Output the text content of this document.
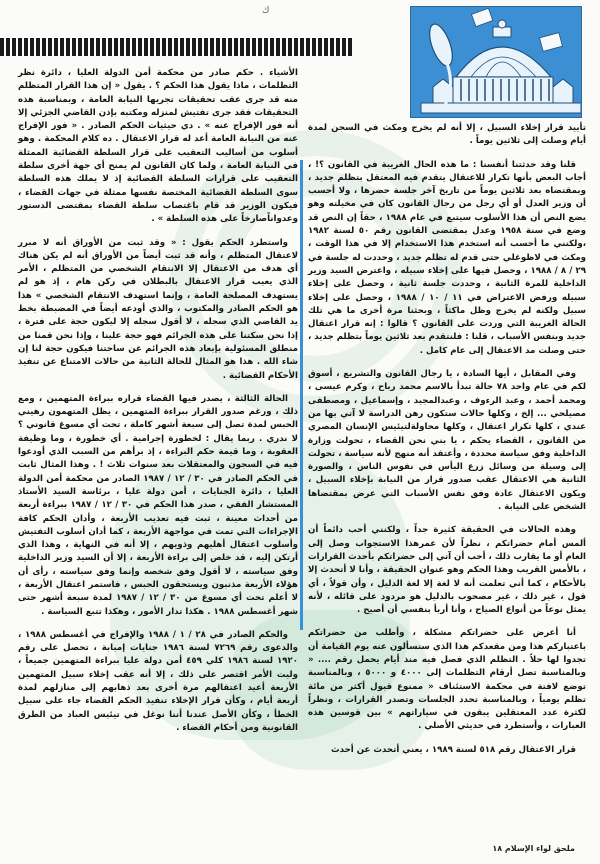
ﻙ

تأييد قرار إخلاء السبيل ، إلا أنه لم يخرج ومكث في السجن لمدة أيام وصلت إلى ثلاثين يوماً .

قلنا وقد حدثتنا أنفسنا : ما هذه الحال الغريبة في القانون ؟! ، أجاب البعض بأنها تكرار للاعتقال يتقدم فيه المعتقل بتظلم جديد ، وبمقتضاه بعد ثلاثين يوماً من تاريخ آخر جلسة حضرها ، ولا أحسب أن وزير العدل أو أي رجل من رجال القانون كان في مخيلته وهو يضع النص أن هذا الأسلوب سيتبع في عام ١٩٨٨ ، حقاً إن النص قد وضع في سنة ١٩٥٨ وعدل بمقتضى القانون رقم ٥٠ لسنة ١٩٨٢ ،ولكنني ما أحسب أنه استخدم هذا الاستخدام إلا في هذا الوقت ، ومكث في لاظوغلي حتى قدم له تظلم جديد ، وحددت له جلسة في ٢٩ / ٨ / ١٩٨٨ ، وحصل فيها على إخلاء سبيله ، واعترض السيد وزير الداخلية للمرة الثانية ، وحددت جلسة ثانية ، وحصل على إخلاء سبيله ورفض الاعتراض في ١١ / ١٠ / ١٩٨٨ ، وحصل على إخلاء سبيل ولكنه لم يخرج وظل ماكثاً ، وبحثنا مرة أخرى ما هي تلك الحالة الغريبة التي وردت على القانون ؟ قالوا : إنه قرار اعتقال جديد وبنفس الأسباب ، قلنا : فلنتقدم بعد ثلاثين يوماً بتظلم جديد ، حتى وصلت مد الاعتقال إلى عام كامل .

وفي المقابل ، أيها السادة ، يا رجال القانون والتشريع ، أسوق لكم في عام واحد ٧٨ حالة تبدأ بالاسم محمد رباح ، وكرم عيسى ، ومحمد أحمد ، وعبد الرءوف ، وعبدالمجيد ، وإسماعيل ، ومصطفى مصيلحي ... إلخ ، وكلها حالات ستكون رهن الدراسة لا آتي بها من عندي ، كلها تكرار اعتقال ، وكلها محاولةلتيئيس الإنسان المصري من القانون ، القضاء يحكم ، يا بني نحن القضاء ، تحولت وزارة الداخلية وفق سياسة محددة ، وأعتقد أنه منهج لأنه سياسة ، تحولت إلى وسيلة من وسائل زرع اليأس في نفوس الناس ، والصورة الثانية هي الاعتقال عقب صدور قرار من النيابة بإخلاء السبيل ، ويكون الاعتقال عادة وفق نفس الأسباب التي عرض بمقتضاها الشخص على النيابة .

وهذه الحالات في الحقيقة كثيرة جداً ، ولكنني أحب دائماً أن ألمس أمام حضراتكم ، نظراً لأن عمرهذا الاستجواب وصل إلى العام أو ما يقارب ذلك ، أحب أن آتي إلى حضراتكم بأحدث القرارات ، بالأمس القريب وهذا الحكم وهو عنوان الحقيقة ، وأنا لا أتحدث إلا بالأحكام ، كما أني تعلمت أنه لا لغة إلا لغة الدليل ، وأن قولاً ، أي قول ، غير ذلك ، غير مصحوب بالدليل هو مردود على قائله ، لأنه يمثل نوعاً من أنواع الصياح ، وأنا أربأ بنفسي أن أصيح .

أنا أعرض على حضراتكم مشكلة ، وأطلب من حضراتكم باعتباركم هذا ومن مقعدكم هذا الذي ستسألون عنه يوم القيامة أن تجدوا لها حلاً . التظلم الذي فصل فيه منذ أيام يحمل رقم .... « وبالمناسبة تصل أرقام التظلمات إلى ٤٠٠٠ و ٥٠٠٠ ، وبالمناسبة توضع لافتة في محكمة الاستئناف « ممنوع قبول أكثر من مائة تظلم يومياً ، وبالمناسبة تحدد الجلسات وتصدر القرارات ، ونظراً لكثرة عدد المعتقلين يبقون في سياراتهم » بين قوسين هذه العبارات ، وأستطرد في حديثي الأصلي .

قرار الاعتقال رقم ٥١٨ لسنة ١٩٨٩ ، يعني أتحدث عن أحدث

الأشياء . حكم صادر من محكمة أمن الدولة العليا ، دائرة نظر التظلمات ، ماذا يقول هذا الحكم ؟ . يقول « إن هذا القرار المتظلم منه قد جرى عقب تحقيقات تجريها النيابة العامة ، وبمناسبة هذه التحقيقات فقد جرى تفتيش لمنزله ومكتبه بإذن القاضي الجزئي إلا أنه فور الإفراج عنه » . دي حيثيات الحكم الصادر . « فور الإفراج عنه من النيابة العامة أعد له قرار الاعتقال . ده كلام المحكمة . وهو أسلوب من أساليب التعقيب على قرار السلطة القضائية الممثلة في النيابة العامة ، ولما كان القانون لم يمنح أي جهة أخرى سلطة التعقيب على قرارات السلطة القضائية إذ لا يملك هذه السلطة سوى السلطة القضائية المختصة نفسها ممثلة في جهات القضاء ، فيكون الوزير قد قام باغتصاب سلطة القضاء بمقتضى الدستور وعدواناًصارخاً على هذه السلطة » .

واستطرد الحكم يقول : « وقد ثبت من الأوراق أنه لا مبرر لاعتقال المتظلم ، وأنه قد ثبت أيضاً من الأوراق أنه لم يكن هناك أي هدف من الاعتقال إلا الانتقام الشخصي من المتظلم ، الأمر الذي يعيب قرار الاعتقال بالبطلان في ركن هام ، إذ هو لم يستهدف المصلحة العامة ، وإنما استهدف الانتقام الشخصي » هذا هو الحكم الصادر والمكتوب ، والذي أودعه أيضاً في المضبطة بخط يد القاضي الذي سجله ، لا أقول سجله إلا ليكون حجة على فترة ، إذا نحن سكتنا على هذه الجرائم فهو حجة علينا ، وإذا نحن قمنا من منطلق المسئولية بإبعاد هذه الجرائم عن ساحتنا فيكون حجة لنا إن شاء الله . هذا هو المثال للحالة الثانية من حالات الامتناع عن تنفيذ الأحكام القضائية .

الحالة الثالثة ، يصدر فيها القضاء قراره ببراءة المتهمين ، ومع ذلك ، ورغم صدور القرار ببراءة المتهمين ، يظل المتهمون رهيني الحبس لمدة تصل إلى سبعة أشهر كاملة ، تحت أي مسوغ قانوني ؟ لا ندري . ربما يقال : لخطورة إجرامية . أي خطورة ، وما وظيفة العقوبة ، وما قيمة حكم البراءة ، إذ برأهم من السبب الذي أودعوا فيه في السجون والمعتقلات بعد سنوات ثلاث ! . وهذا المثال ثابت في الحكم الصادر في ٣٠ / ١٢ / ١٩٨٧ الصادر من محكمة أمن الدولة العليا ، دائرة الجنايات ، أمن دولة عليا ، برئاسة السيد الأستاذ المستشار الفقي ، صدر هذا الحكم في ٣٠ / ١٢ / ١٩٨٧ ببراءة أربعة من أحداث معينة ، ثبت فيه تعذيب الأربعة ، وأدان الحكم كافة الإجراءات التي تمت في مواجهة الأربعة ، كما أدان أسلوب التفتيش وأسلوب اعتقال أهليهم وذويهم ، إلا أنه في النهاية ، وهذا الذي أرتكن إليه ، قد خلص إلى براءة الأربعة ، إلا أن السيد وزير الداخلية وفق سياسته ، لا أقول وفق شخصه وإنما وفق سياسته ، رأى أن هؤلاء الأربعة مذنبون ويستحقون الحبس ، فاستمر اعتقال الأربعة ، لا أعلم تحت أي مسوغ من ٣٠ / ١٢ / ١٩٨٧ لمدة سبعة أشهر حتى شهر أغسطس ١٩٨٨ . هكذا تدار الأمور ، وهكذا تتبع السياسة .

والحكم الصادر في ٢٨ / ١ / ١٩٨٨ والإفراج في أغسطس ١٩٨٨ ، والدعوى رقم ٧٢٦٩ لسنة ١٩٨٦ جنايات إمبابة ، تحصل على رقم ١٩٢٠ لسنة ١٩٨٦ كلي ٤٥٩ أمن دولة عليا ببراءة المتهمين جميعاً ، وليت الأمر اقتصر على ذلك ، إلا أنه عقب إخلاء سبيل المتهمين الأربعة أعيد اعتقالهم مرة أخرى بعد ذهابهم إلى منازلهم لمدة أربعة أيام ، وكأن قرار الإخلاء تنفيذ الحكم القضاء جاء على سبيل الخطأ ، وكأن الأصل عندنا أننا نوغل في تيئيس العباد من الطرق القانونية ومن أحكام القضاء .

ملحق لواء الإسلام ١٨
